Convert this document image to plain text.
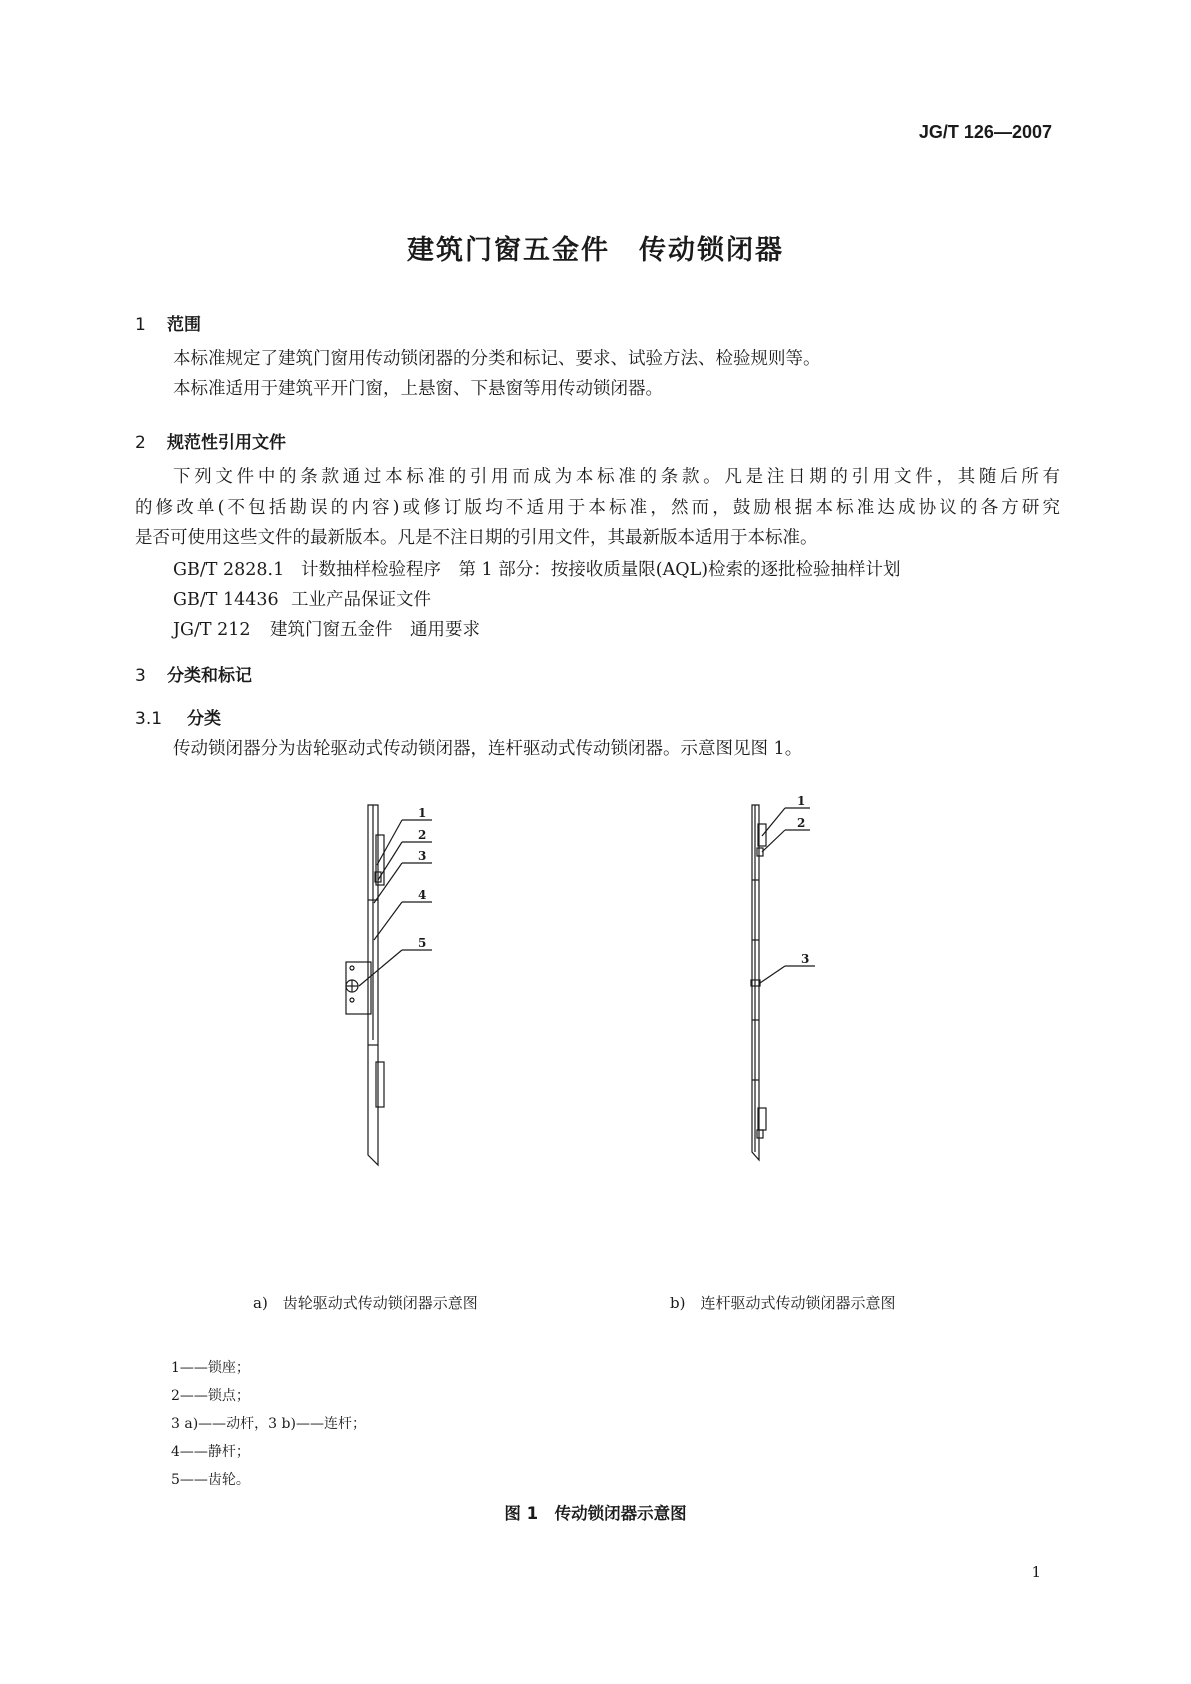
JG/T 126—2007
建筑门窗五金件　传动锁闭器
1 范围
本标准规定了建筑门窗用传动锁闭器的分类和标记、要求、试验方法、检验规则等。
本标准适用于建筑平开门窗，上悬窗、下悬窗等用传动锁闭器。
2 规范性引用文件
下列文件中的条款通过本标准的引用而成为本标准的条款。凡是注日期的引用文件，其随后所有
的修改单(不包括勘误的内容)或修订版均不适用于本标准，然而，鼓励根据本标准达成协议的各方研究
是否可使用这些文件的最新版本。凡是不注日期的引用文件，其最新版本适用于本标准。
GB/T 2828.1 计数抽样检验程序　第 1 部分：按接收质量限(AQL)检索的逐批检验抽样计划
GB/T 14436 工业产品保证文件
JG/T 212 建筑门窗五金件　通用要求
3 分类和标记
3.1 分类
传动锁闭器分为齿轮驱动式传动锁闭器，连杆驱动式传动锁闭器。示意图见图 1。
1
2
3
4
5
1
2
3
a)　齿轮驱动式传动锁闭器示意图	b)　连杆驱动式传动锁闭器示意图
1——锁座；
2——锁点；
3 a)——动杆，3 b)——连杆；
4——静杆；
5——齿轮。
图 1　传动锁闭器示意图
1
